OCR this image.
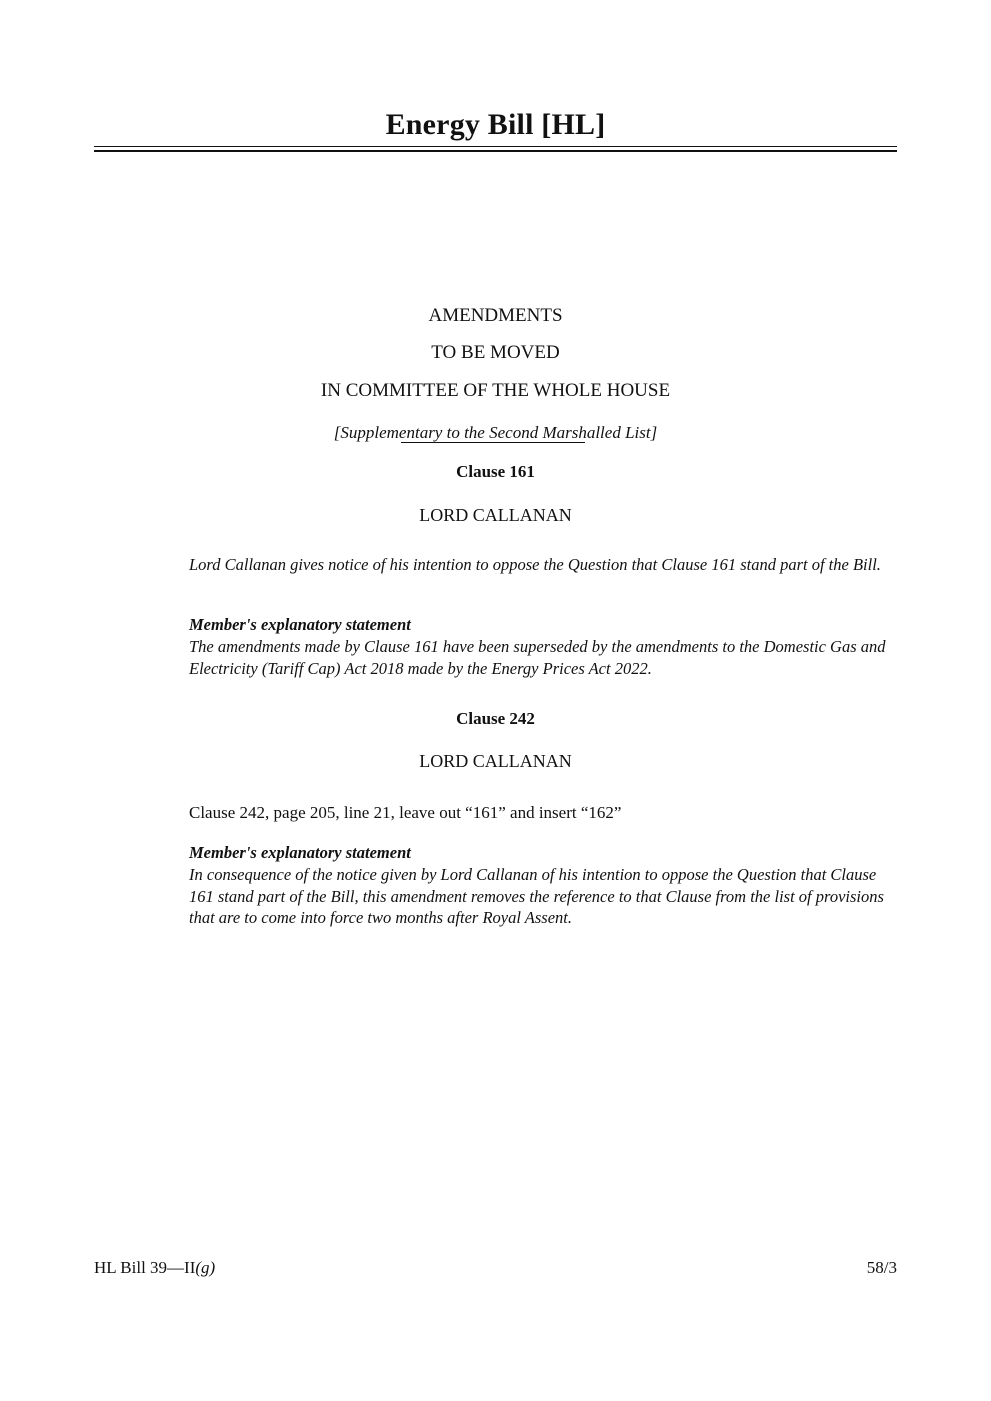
Energy Bill [HL]
AMENDMENTS
TO BE MOVED
IN COMMITTEE OF THE WHOLE HOUSE
[Supplementary to the Second Marshalled List]
Clause 161
LORD CALLANAN
Lord Callanan gives notice of his intention to oppose the Question that Clause 161 stand part of the Bill.
Member's explanatory statement
The amendments made by Clause 161 have been superseded by the amendments to the Domestic Gas and Electricity (Tariff Cap) Act 2018 made by the Energy Prices Act 2022.
Clause 242
LORD CALLANAN
Clause 242, page 205, line 21, leave out “161” and insert “162”
Member's explanatory statement
In consequence of the notice given by Lord Callanan of his intention to oppose the Question that Clause 161 stand part of the Bill, this amendment removes the reference to that Clause from the list of provisions that are to come into force two months after Royal Assent.
HL Bill 39—II(g)	58/3
